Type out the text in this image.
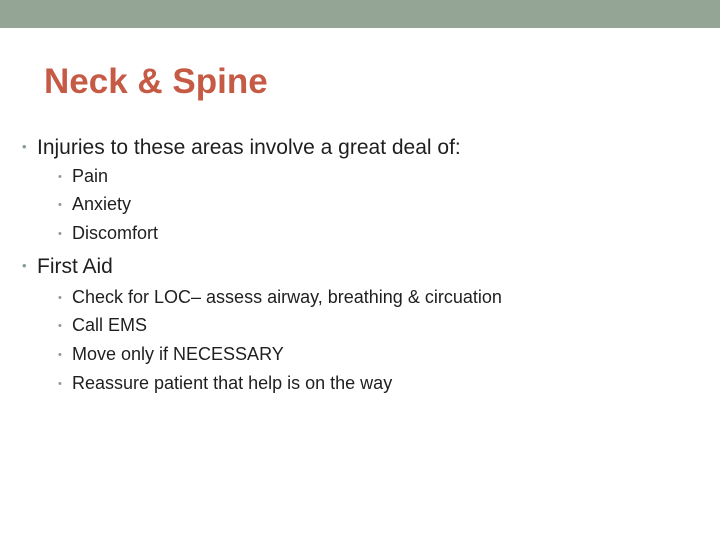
Neck & Spine
• Injuries to these areas involve a great deal of:
• Pain
• Anxiety
• Discomfort
• First Aid
• Check for LOC– assess airway, breathing & circuation
• Call EMS
• Move only if NECESSARY
• Reassure patient that help is on the way
